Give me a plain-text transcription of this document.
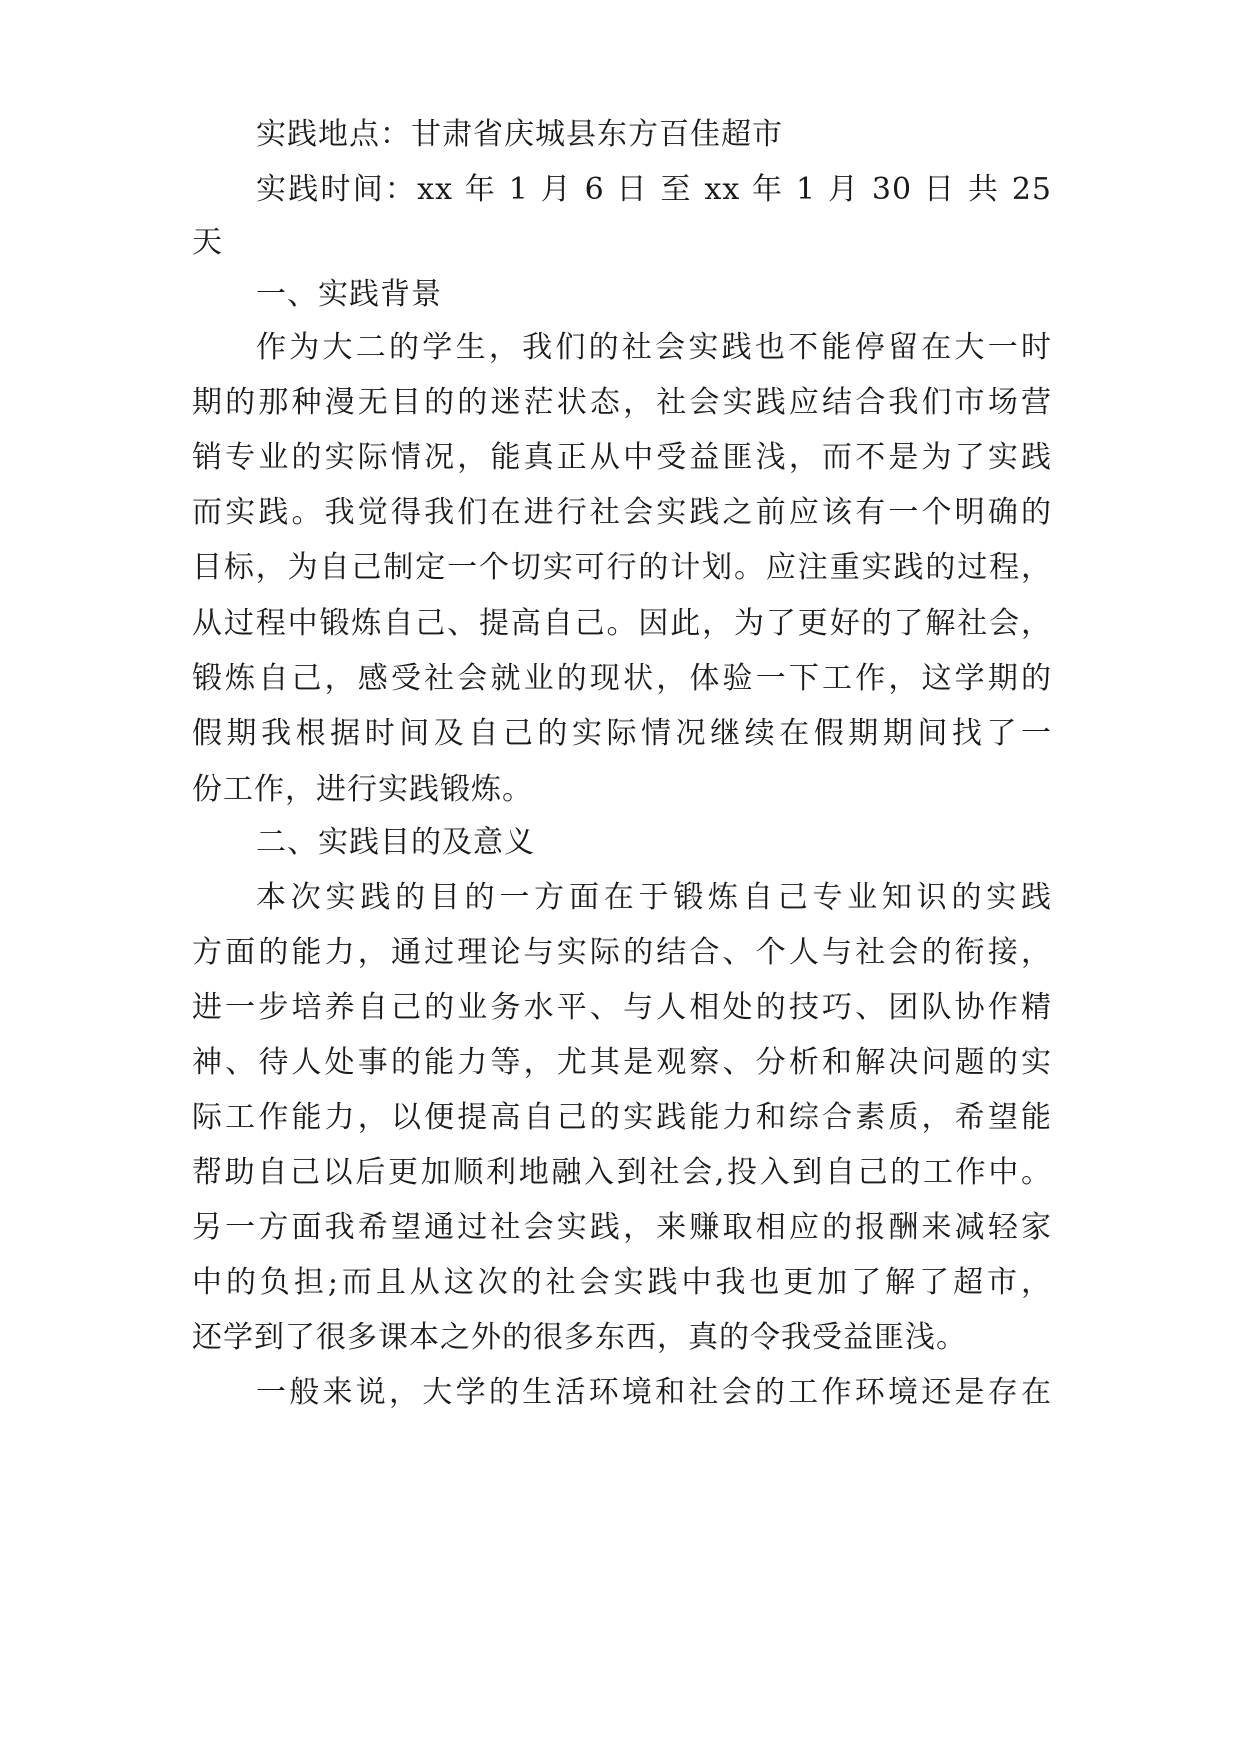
实践地点：甘肃省庆城县东方百佳超市
实践时间：xx 年 1 月 6 日 至 xx 年 1 月 30 日 共 25
天
一、实践背景
作为大二的学生，我们的社会实践也不能停留在大一时
期的那种漫无目的的迷茫状态，社会实践应结合我们市场营
销专业的实际情况，能真正从中受益匪浅，而不是为了实践
而实践。我觉得我们在进行社会实践之前应该有一个明确的
目标，为自己制定一个切实可行的计划。应注重实践的过程，
从过程中锻炼自己、提高自己。因此，为了更好的了解社会，
锻炼自己，感受社会就业的现状，体验一下工作，这学期的
假期我根据时间及自己的实际情况继续在假期期间找了一
份工作，进行实践锻炼。
二、实践目的及意义
本次实践的目的一方面在于锻炼自己专业知识的实践
方面的能力，通过理论与实际的结合、个人与社会的衔接，
进一步培养自己的业务水平、与人相处的技巧、团队协作精
神、待人处事的能力等，尤其是观察、分析和解决问题的实
际工作能力，以便提高自己的实践能力和综合素质，希望能
帮助自己以后更加顺利地融入到社会,投入到自己的工作中。
另一方面我希望通过社会实践，来赚取相应的报酬来减轻家
中的负担;而且从这次的社会实践中我也更加了解了超市，
还学到了很多课本之外的很多东西，真的令我受益匪浅。
一般来说，大学的生活环境和社会的工作环境还是存在
